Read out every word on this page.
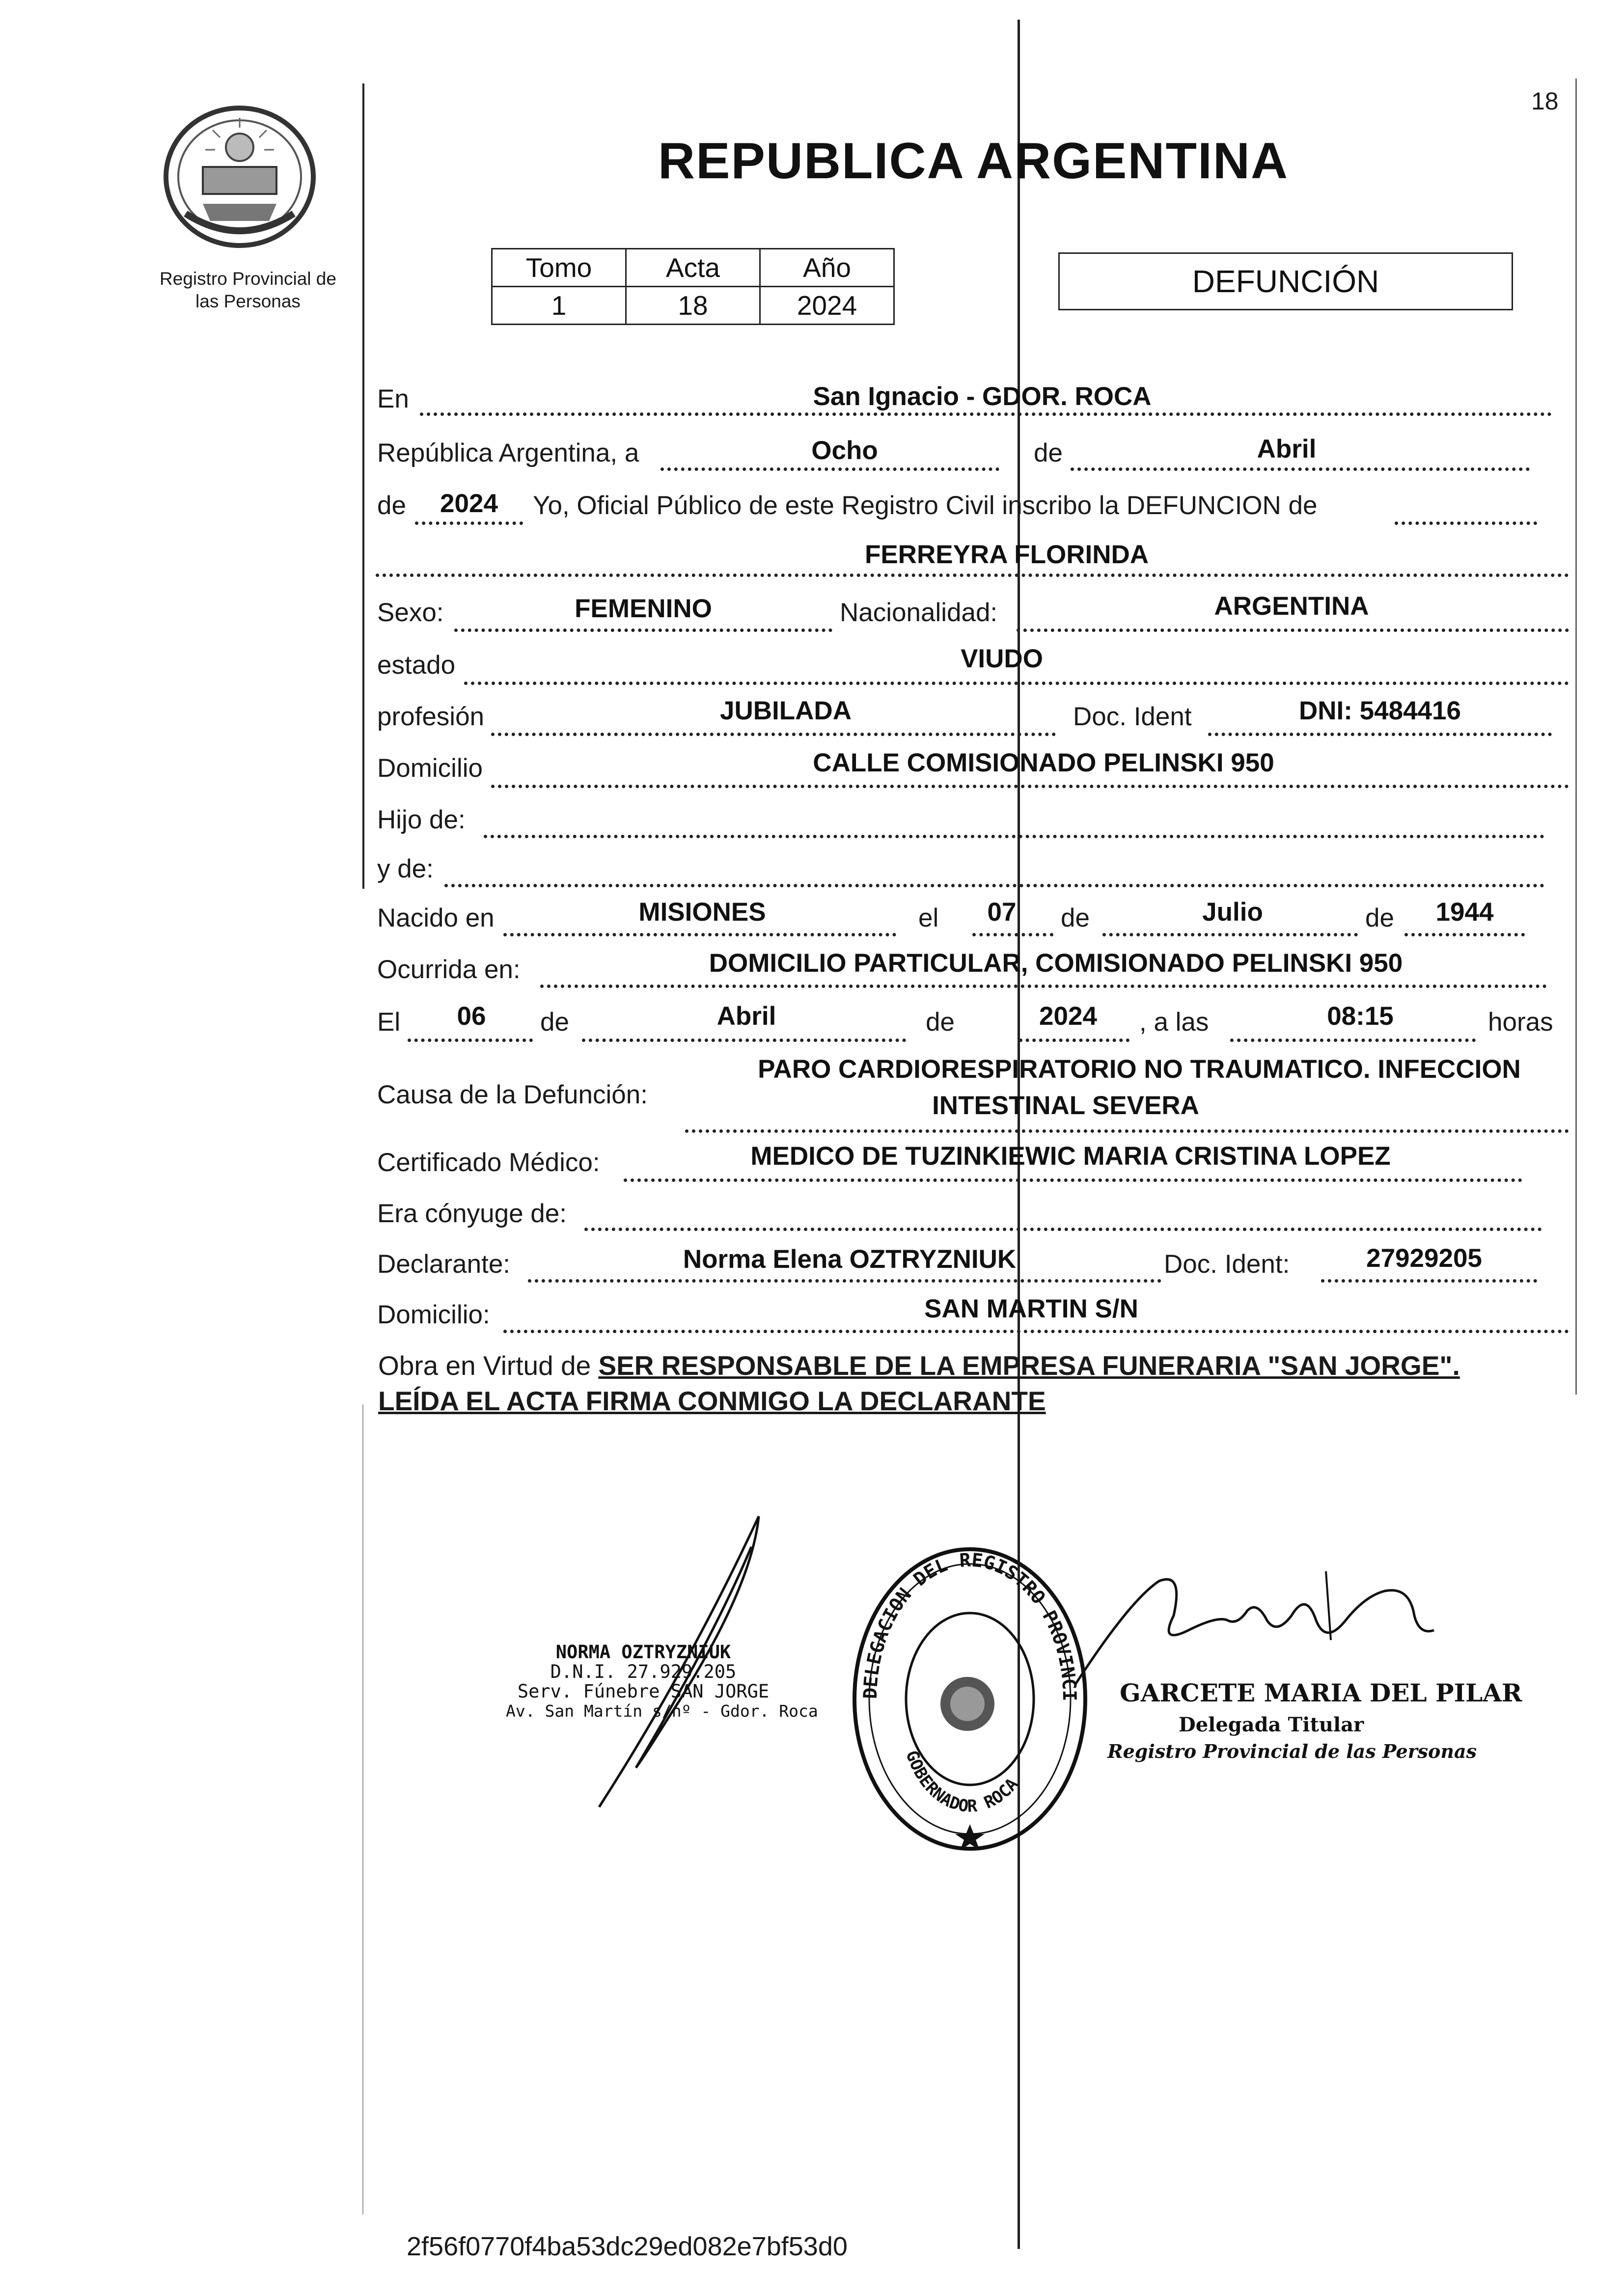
18
Registro Provincial de
las Personas
REPUBLICA ARGENTINA
Tomo	Acta	Año
1	18	2024
DEFUNCIÓN
En	San Ignacio - GDOR. ROCA
República Argentina, a	Ocho	de	Abril
de	2024	Yo, Oficial Público de este Registro Civil inscribo la DEFUNCION de
FERREYRA FLORINDA
Sexo:	FEMENINO	Nacionalidad:	ARGENTINA
estado	VIUDO
profesión	JUBILADA	Doc. Ident	DNI: 5484416
Domicilio	CALLE COMISIONADO PELINSKI 950
Hijo de:
y de:
Nacido en	MISIONES	el	07	de	Julio	de	1944
Ocurrida en:	DOMICILIO PARTICULAR, COMISIONADO PELINSKI 950
El	06	de	Abril	de	2024	, a las	08:15	horas
Causa de la Defunción:
PARO CARDIORESPIRATORIO NO TRAUMATICO. INFECCION
INTESTINAL SEVERA
Certificado Médico:	MEDICO DE TUZINKIEWIC MARIA CRISTINA LOPEZ
Era cónyuge de:
Declarante:	Norma Elena OZTRYZNIUK	Doc. Ident:	27929205
Domicilio:	SAN MARTIN S/N
Obra en Virtud de SER RESPONSABLE DE LA EMPRESA FUNERARIA "SAN JORGE".
LEÍDA EL ACTA FIRMA CONMIGO LA DECLARANTE
NORMA OZTRYZNIUK
D.N.I. 27.929.205
Serv. Fúnebre SAN JORGE
Av. San Martín s/nº - Gdor. Roca
DELEGACION DEL REGISTRO PROVINCI
GOBERNADOR ROCA
GARCETE MARIA DEL PILAR
Delegada Titular
Registro Provincial de las Personas
2f56f0770f4ba53dc29ed082e7bf53d0
